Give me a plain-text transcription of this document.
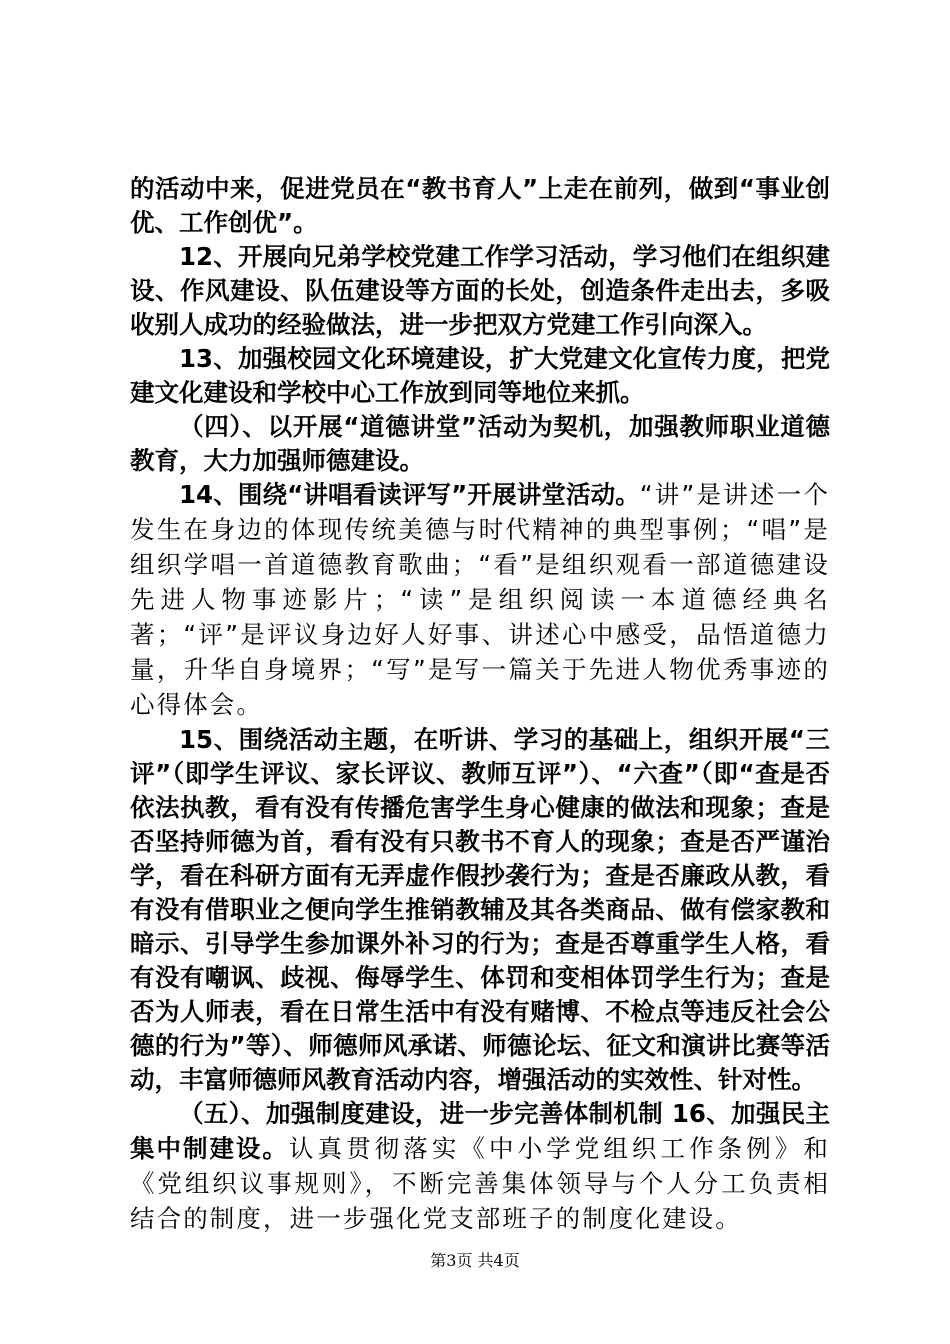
的活动中来，促进党员在“教书育人”上走在前列，做到“事业创优、工作创优”。

12、开展向兄弟学校党建工作学习活动，学习他们在组织建设、作风建设、队伍建设等方面的长处，创造条件走出去，多吸收别人成功的经验做法，进一步把双方党建工作引向深入。

13、加强校园文化环境建设，扩大党建文化宣传力度，把党建文化建设和学校中心工作放到同等地位来抓。

（四）、以开展“道德讲堂”活动为契机，加强教师职业道德教育，大力加强师德建设。

14、围绕“讲唱看读评写”开展讲堂活动。“讲”是讲述一个发生在身边的体现传统美德与时代精神的典型事例；“唱”是组织学唱一首道德教育歌曲；“看”是组织观看一部道德建设先进人物事迹影片；“读”是组织阅读一本道德经典名著；“评”是评议身边好人好事、讲述心中感受，品悟道德力量，升华自身境界；“写”是写一篇关于先进人物优秀事迹的心得体会。

15、围绕活动主题，在听讲、学习的基础上，组织开展“三评”（即学生评议、家长评议、教师互评”）、“六查”（即“查是否依法执教，看有没有传播危害学生身心健康的做法和现象；查是否坚持师德为首，看有没有只教书不育人的现象；查是否严谨治学，看在科研方面有无弄虚作假抄袭行为；查是否廉政从教，看有没有借职业之便向学生推销教辅及其各类商品、做有偿家教和暗示、引导学生参加课外补习的行为；查是否尊重学生人格，看有没有嘲讽、歧视、侮辱学生、体罚和变相体罚学生行为；查是否为人师表，看在日常生活中有没有赌博、不检点等违反社会公德的行为”等）、师德师风承诺、师德论坛、征文和演讲比赛等活动，丰富师德师风教育活动内容，增强活动的实效性、针对性。

（五）、加强制度建设，进一步完善体制机制 16、加强民主集中制建设。认真贯彻落实《中小学党组织工作条例》和《党组织议事规则》，不断完善集体领导与个人分工负责相结合的制度，进一步强化党支部班子的制度化建设。

第3页 共4页
